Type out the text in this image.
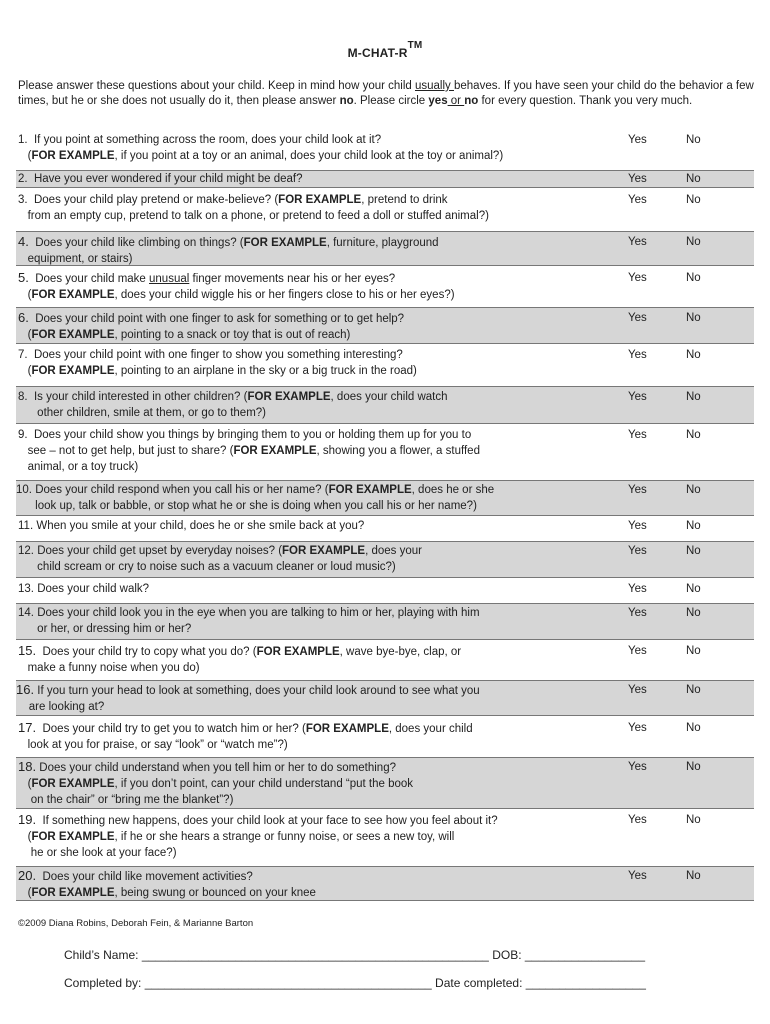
M-CHAT-R™
Please answer these questions about your child. Keep in mind how your child usually behaves. If you have seen your child do the behavior a few times, but he or she does not usually do it, then please answer no. Please circle yes or no for every question. Thank you very much.
1. If you point at something across the room, does your child look at it?
(FOR EXAMPLE, if you point at a toy or an animal, does your child look at the toy or animal?)
Yes	No
2. Have you ever wondered if your child might be deaf?	Yes	No
3. Does your child play pretend or make-believe? (FOR EXAMPLE, pretend to drink
from an empty cup, pretend to talk on a phone, or pretend to feed a doll or stuffed animal?)
Yes	No
4. Does your child like climbing on things? (FOR EXAMPLE, furniture, playground
equipment, or stairs)
Yes	No
5. Does your child make unusual finger movements near his or her eyes?
(FOR EXAMPLE, does your child wiggle his or her fingers close to his or her eyes?)
Yes	No
6. Does your child point with one finger to ask for something or to get help?
(FOR EXAMPLE, pointing to a snack or toy that is out of reach)
Yes	No
7. Does your child point with one finger to show you something interesting?
(FOR EXAMPLE, pointing to an airplane in the sky or a big truck in the road)
Yes	No
8. Is your child interested in other children? (FOR EXAMPLE, does your child watch
other children, smile at them, or go to them?)
Yes	No
9. Does your child show you things by bringing them to you or holding them up for you to
see – not to get help, but just to share? (FOR EXAMPLE, showing you a flower, a stuffed
animal, or a toy truck)
Yes	No
10. Does your child respond when you call his or her name? (FOR EXAMPLE, does he or she
look up, talk or babble, or stop what he or she is doing when you call his or her name?)
Yes	No
11. When you smile at your child, does he or she smile back at you?	Yes	No
12. Does your child get upset by everyday noises? (FOR EXAMPLE, does your
child scream or cry to noise such as a vacuum cleaner or loud music?)
Yes	No
13. Does your child walk?	Yes	No
14. Does your child look you in the eye when you are talking to him or her, playing with him
or her, or dressing him or her?
Yes	No
15. Does your child try to copy what you do? (FOR EXAMPLE, wave bye-bye, clap, or
make a funny noise when you do)
Yes	No
16. If you turn your head to look at something, does your child look around to see what you
are looking at?
Yes	No
17. Does your child try to get you to watch him or her? (FOR EXAMPLE, does your child
look at you for praise, or say “look” or “watch me”?)
Yes	No
18. Does your child understand when you tell him or her to do something?
(FOR EXAMPLE, if you don’t point, can your child understand “put the book
on the chair” or “bring me the blanket”?)
Yes	No
19. If something new happens, does your child look at your face to see how you feel about it?
(FOR EXAMPLE, if he or she hears a strange or funny noise, or sees a new toy, will
he or she look at your face?)
Yes	No
20. Does your child like movement activities?
(FOR EXAMPLE, being swung or bounced on your knee
Yes	No
©2009 Diana Robins, Deborah Fein, & Marianne Barton
Child’s Name: ____________________________________________________ DOB: __________________
Completed by: ___________________________________________ Date completed: __________________
